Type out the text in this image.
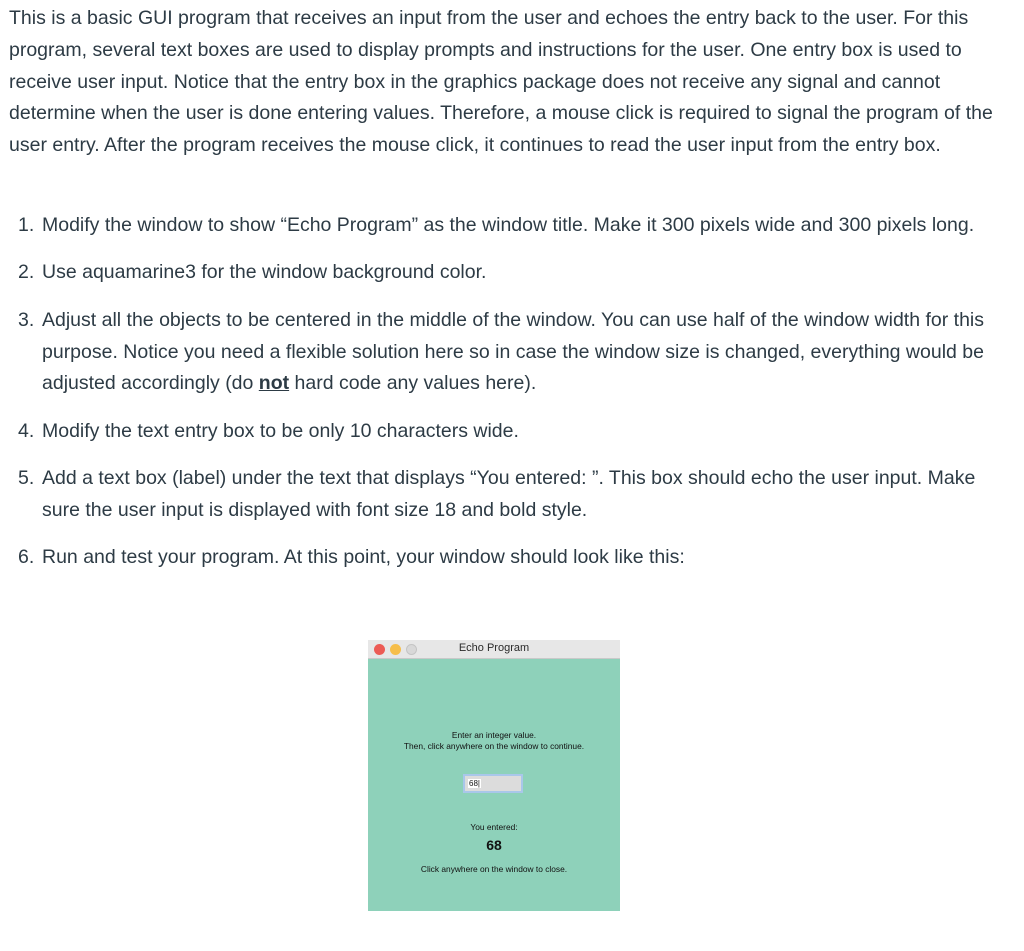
This is a basic GUI program that receives an input from the user and echoes the entry back to the user. For this program, several text boxes are used to display prompts and instructions for the user. One entry box is used to receive user input. Notice that the entry box in the graphics package does not receive any signal and cannot determine when the user is done entering values. Therefore, a mouse click is required to signal the program of the user entry. After the program receives the mouse click, it continues to read the user input from the entry box.

1. Modify the window to show “Echo Program” as the window title. Make it 300 pixels wide and 300 pixels long.
2. Use aquamarine3 for the window background color.
3. Adjust all the objects to be centered in the middle of the window. You can use half of the window width for this purpose. Notice you need a flexible solution here so in case the window size is changed, everything would be adjusted accordingly (do not hard code any values here).
4. Modify the text entry box to be only 10 characters wide.
5. Add a text box (label) under the text that displays “You entered: ”. This box should echo the user input. Make sure the user input is displayed with font size 18 and bold style.
6. Run and test your program. At this point, your window should look like this:
Echo Program
Enter an integer value.
Then, click anywhere on the window to continue.
68|
You entered:
68
Click anywhere on the window to close.
